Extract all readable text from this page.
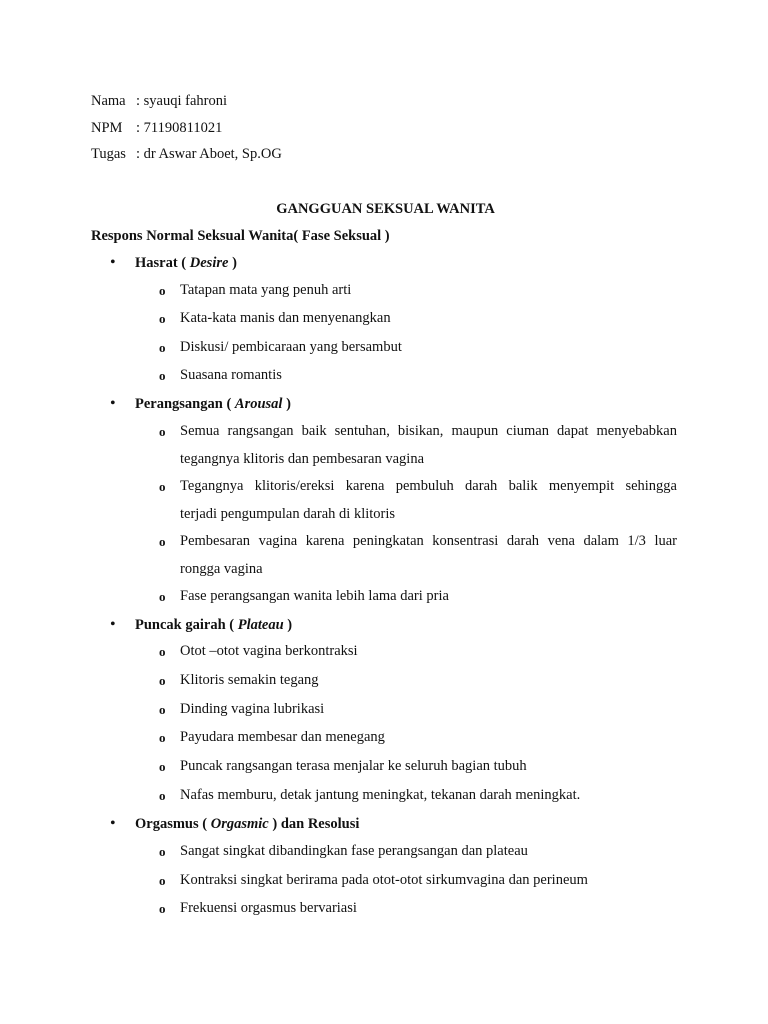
Nama : syauqi fahroni
NPM : 71190811021
Tugas : dr Aswar Aboet, Sp.OG
GANGGUAN SEKSUAL WANITA
Respons Normal Seksual Wanita( Fase Seksual )
• Hasrat ( Desire )
o Tatapan mata yang penuh arti
o Kata-kata manis dan menyenangkan
o Diskusi/ pembicaraan yang bersambut
o Suasana romantis
• Perangsangan ( Arousal )
o Semua rangsangan baik sentuhan, bisikan, maupun ciuman dapat menyebabkan
tegangnya klitoris dan pembesaran vagina
o Tegangnya klitoris/ereksi karena pembuluh darah balik menyempit sehingga
terjadi pengumpulan darah di klitoris
o Pembesaran vagina karena peningkatan konsentrasi darah vena dalam 1/3 luar
rongga vagina
o Fase perangsangan wanita lebih lama dari pria
• Puncak gairah ( Plateau )
o Otot –otot vagina berkontraksi
o Klitoris semakin tegang
o Dinding vagina lubrikasi
o Payudara membesar dan menegang
o Puncak rangsangan terasa menjalar ke seluruh bagian tubuh
o Nafas memburu, detak jantung meningkat, tekanan darah meningkat.
• Orgasmus ( Orgasmic ) dan Resolusi
o Sangat singkat dibandingkan fase perangsangan dan plateau
o Kontraksi singkat berirama pada otot-otot sirkumvagina dan perineum
o Frekuensi orgasmus bervariasi
